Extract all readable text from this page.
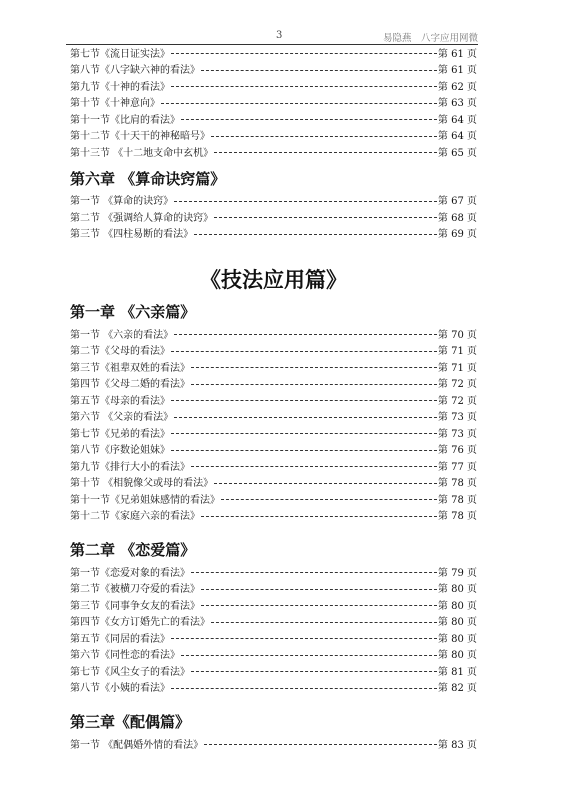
3	易隐燕　八字应用网微
第七节《流日证实法》	第 61 页
第八节《八字缺六神的看法》	第 61 页
第九节《十神的看法》	第 62 页
第十节《十神意向》	第 63 页
第十一节《比肩的看法》	第 64 页
第十二节《十天干的神秘暗号》	第 64 页
第十三节 《十二地支命中玄机》	第 65 页
第六章 《算命诀窍篇》
第一节 《算命的诀窍》	第 67 页
第二节 《强调给人算命的诀窍》	第 68 页
第三节 《四柱易断的看法》	第 69 页
《技法应用篇》
第一章 《六亲篇》
第一节 《六亲的看法》	第 70 页
第二节《父母的看法》	第 71 页
第三节《祖辈双姓的看法》	第 71 页
第四节《父母二婚的看法》	第 72 页
第五节《母亲的看法》	第 72 页
第六节 《父亲的看法》	第 73 页
第七节《兄弟的看法》	第 73 页
第八节《序数论姐妹》	第 76 页
第九节《排行大小的看法》	第 77 页
第十节 《相貌像父或母的看法》	第 78 页
第十一节《兄弟姐妹感情的看法》	第 78 页
第十二节《家庭六亲的看法》	第 78 页
第二章 《恋爱篇》
第一节《恋爱对象的看法》	第 79 页
第二节《被横刀夺爱的看法》	第 80 页
第三节《同事争女友的看法》	第 80 页
第四节《女方订婚先亡的看法》	第 80 页
第五节《同居的看法》	第 80 页
第六节《同性恋的看法》	第 80 页
第七节《风尘女子的看法》	第 81 页
第八节《小姨的看法》	第 82 页
第三章《配偶篇》
第一节 《配偶婚外情的看法》	第 83 页
